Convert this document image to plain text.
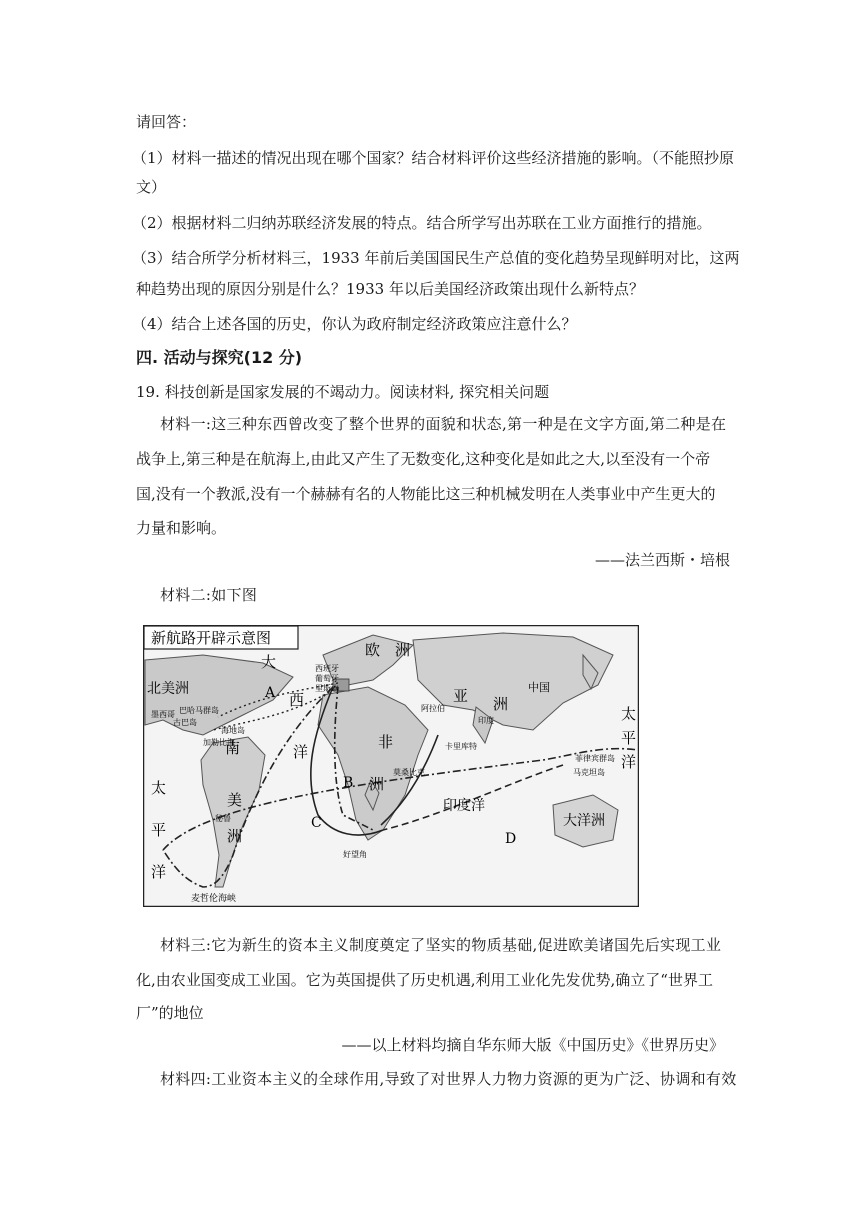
请回答：
（1）材料一描述的情况出现在哪个国家？结合材料评价这些经济措施的影响。（不能照抄原
文）
（2）根据材料二归纳苏联经济发展的特点。结合所学写出苏联在工业方面推行的措施。
（3）结合所学分析材料三，1933 年前后美国国民生产总值的变化趋势呈现鲜明对比，这两
种趋势出现的原因分别是什么？1933 年以后美国经济政策出现什么新特点？
（4）结合上述各国的历史，你认为政府制定经济政策应注意什么？
四. 活动与探究(12 分)
19. 科技创新是国家发展的不竭动力。阅读材料, 探究相关问题
材料一:这三种东西曾改变了整个世界的面貌和状态,第一种是在文字方面,第二种是在
战争上,第三种是在航海上,由此又产生了无数变化,这种变化是如此之大,以至没有一个帝
国,没有一个教派,没有一个赫赫有名的人物能比这三种机械发明在人类事业中产生更大的
力量和影响。
——法兰西斯・培根
材料二:如下图
新航路开辟示意图
大
西
洋
欧　洲
北美洲
西班牙
葡萄牙
里斯本
巴哈马群岛
古巴岛
墨西哥
海地岛
加勒比海
亚 洲
中国
阿拉伯
印度
卡里库特
非
洲
莫桑比克
好望角
南
美
洲
秘鲁
麦哲伦海峡
太
平
洋
太
平
洋
菲律宾群岛
马克坦岛
印度洋
大洋洲
A
B
C
D
材料三:它为新生的资本主义制度奠定了坚实的物质基础,促进欧美诸国先后实现工业
化,由农业国变成工业国。它为英国提供了历史机遇,利用工业化先发优势,确立了“世界工
厂”的地位
——以上材料均摘自华东师大版《中国历史》《世界历史》
材料四:工业资本主义的全球作用,导致了对世界人力物力资源的更为广泛、协调和有效
